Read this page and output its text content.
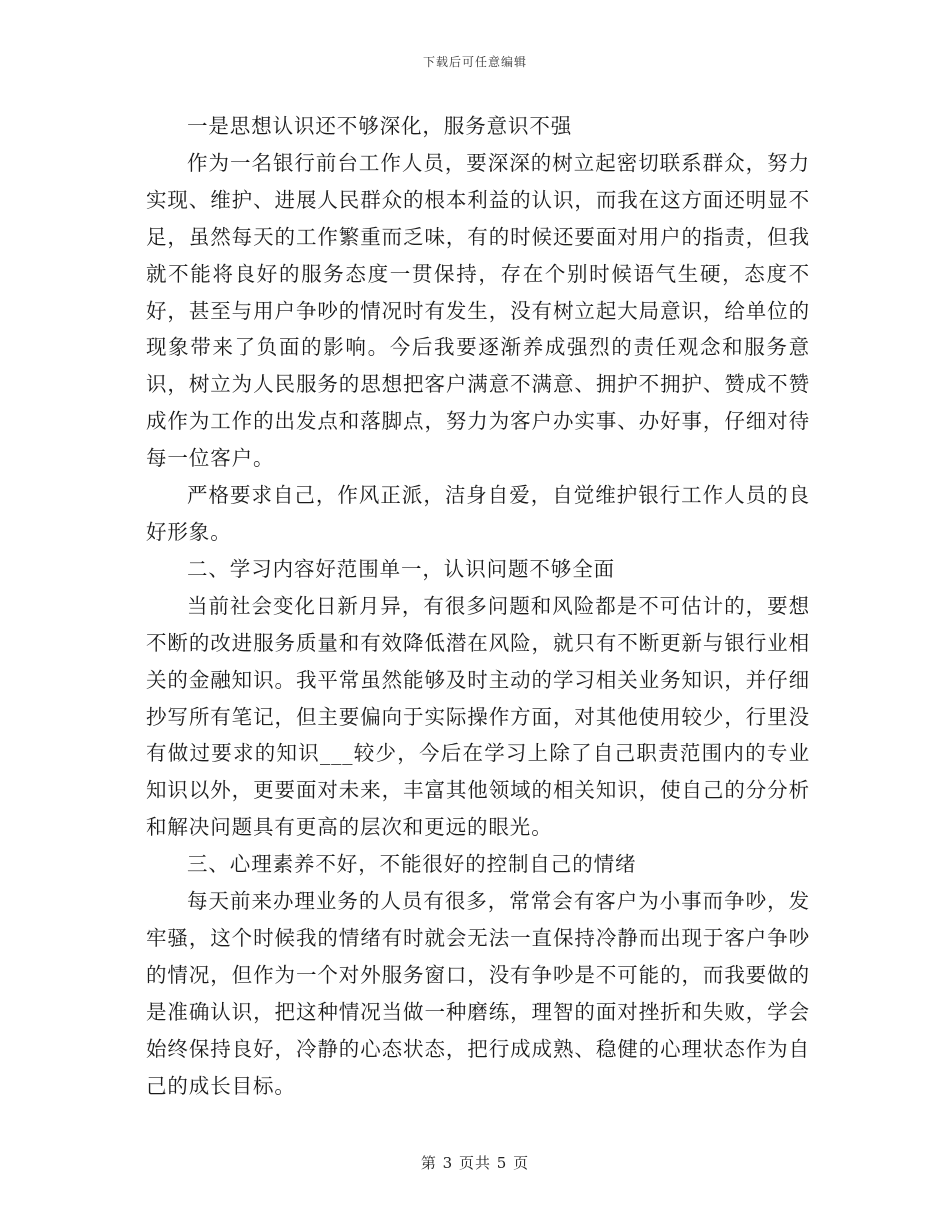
下载后可任意编辑

一是思想认识还不够深化，服务意识不强

作为一名银行前台工作人员，要深深的树立起密切联系群众，努力实现、维护、进展人民群众的根本利益的认识，而我在这方面还明显不足，虽然每天的工作繁重而乏味，有的时候还要面对用户的指责，但我就不能将良好的服务态度一贯保持，存在个别时候语气生硬，态度不好，甚至与用户争吵的情况时有发生，没有树立起大局意识，给单位的现象带来了负面的影响。今后我要逐渐养成强烈的责任观念和服务意识，树立为人民服务的思想把客户满意不满意、拥护不拥护、赞成不赞成作为工作的出发点和落脚点，努力为客户办实事、办好事，仔细对待每一位客户。

严格要求自己，作风正派，洁身自爱，自觉维护银行工作人员的良好形象。

二、学习内容好范围单一，认识问题不够全面

当前社会变化日新月异，有很多问题和风险都是不可估计的，要想不断的改进服务质量和有效降低潜在风险，就只有不断更新与银行业相关的金融知识。我平常虽然能够及时主动的学习相关业务知识，并仔细抄写所有笔记，但主要偏向于实际操作方面，对其他使用较少，行里没有做过要求的知识___较少，今后在学习上除了自己职责范围内的专业知识以外，更要面对未来，丰富其他领域的相关知识，使自己的分分析和解决问题具有更高的层次和更远的眼光。

三、心理素养不好，不能很好的控制自己的情绪

每天前来办理业务的人员有很多，常常会有客户为小事而争吵，发牢骚，这个时候我的情绪有时就会无法一直保持冷静而出现于客户争吵的情况，但作为一个对外服务窗口，没有争吵是不可能的，而我要做的是准确认识，把这种情况当做一种磨练，理智的面对挫折和失败，学会始终保持良好，冷静的心态状态，把行成成熟、稳健的心理状态作为自己的成长目标。

第 3 页共 5 页
